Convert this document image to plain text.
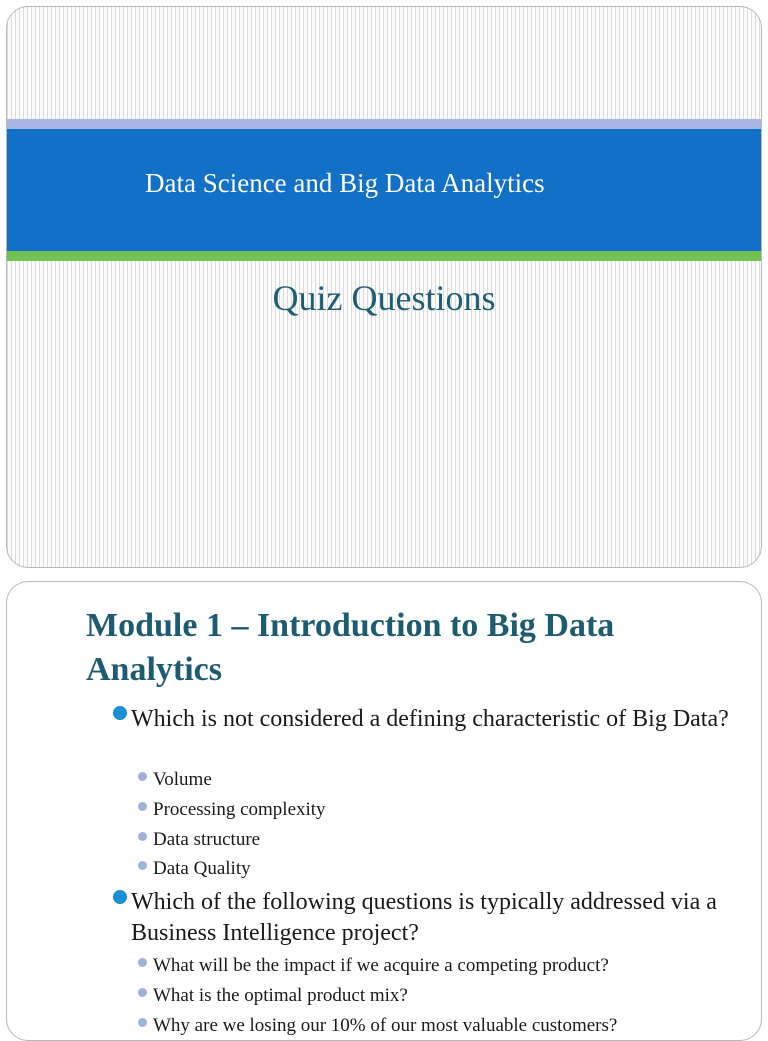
Data Science and Big Data Analytics
Quiz Questions
Module 1 – Introduction to Big Data Analytics
Which is not considered a defining characteristic of Big Data?
Volume
Processing complexity
Data structure
Data Quality
Which of the following questions is typically addressed via a Business Intelligence project?
What will be the impact if we acquire a competing product?
What is the optimal product mix?
Why are we losing our 10% of our most valuable customers?
